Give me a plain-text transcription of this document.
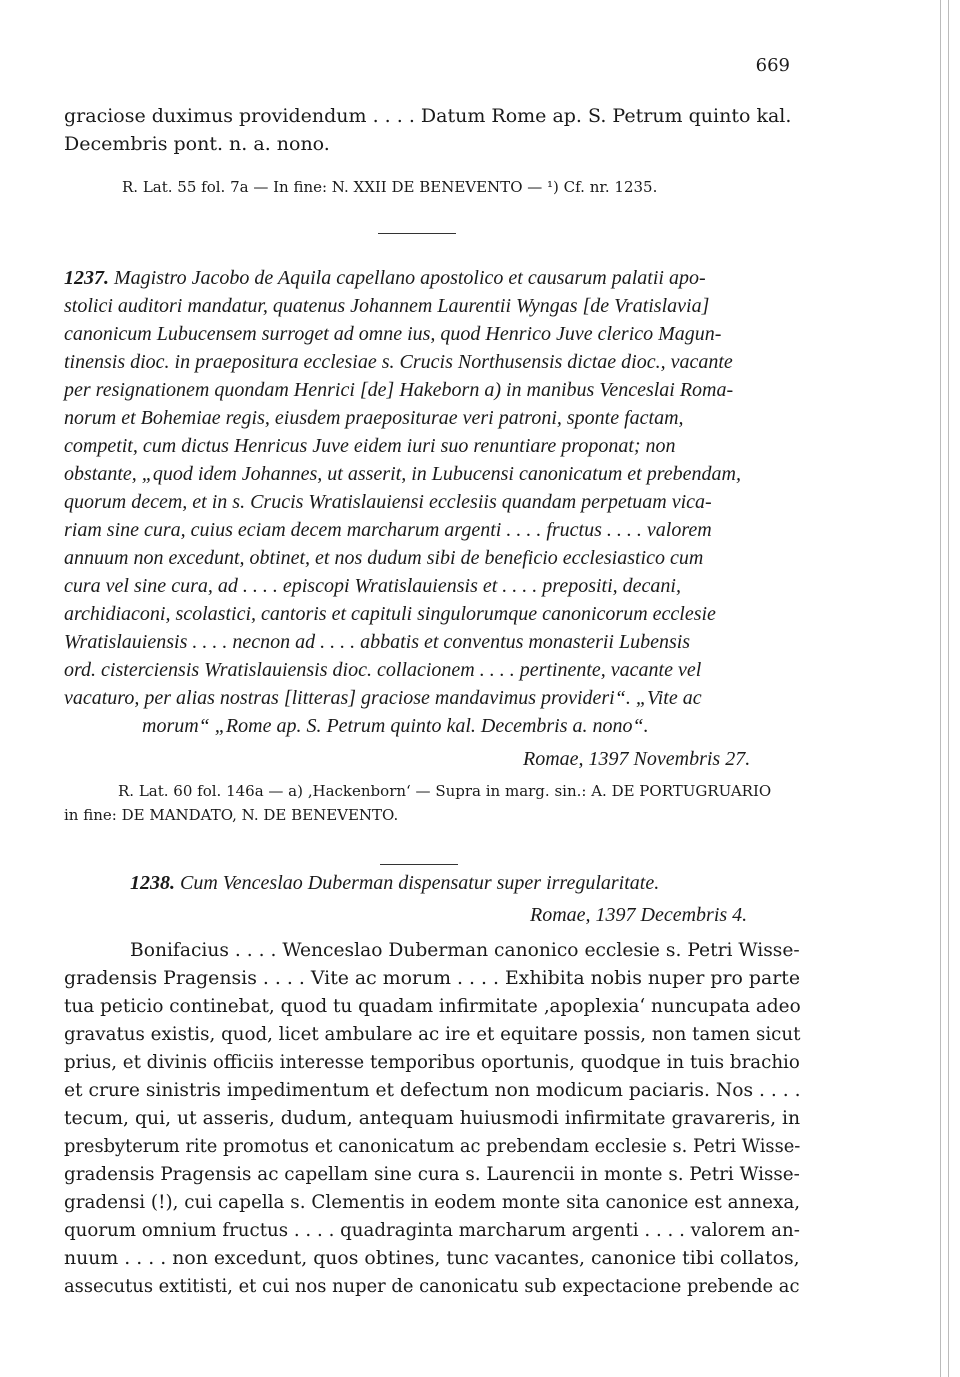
669
graciose duximus providendum . . . . Datum Rome ap. S. Petrum quinto kal.
Decembris pont. n. a. nono.
R. Lat. 55 fol. 7a — In fine: N. XXII DE BENEVENTO — ¹) Cf. nr. 1235.
1237. Magistro Jacobo de Aquila capellano apostolico et causarum palatii apo-
stolici auditori mandatur, quatenus Johannem Laurentii Wyngas [de Vratislavia]
canonicum Lubucensem surroget ad omne ius, quod Henrico Juve clerico Magun-
tinensis dioc. in praepositura ecclesiae s. Crucis Northusensis dictae dioc., vacante
per resignationem quondam Henrici [de] Hakeborn a) in manibus Venceslai Roma-
norum et Bohemiae regis, eiusdem praepositurae veri patroni, sponte factam,
competit, cum dictus Henricus Juve eidem iuri suo renuntiare proponat; non
obstante, „quod idem Johannes, ut asserit, in Lubucensi canonicatum et prebendam,
quorum decem, et in s. Crucis Wratislauiensi ecclesiis quandam perpetuam vica-
riam sine cura, cuius eciam decem marcharum argenti . . . . fructus . . . . valorem
annuum non excedunt, obtinet, et nos dudum sibi de beneficio ecclesiastico cum
cura vel sine cura, ad . . . . episcopi Wratislauiensis et . . . . prepositi, decani,
archidiaconi, scolastici, cantoris et capituli singulorumque canonicorum ecclesie
Wratislauiensis . . . . necnon ad . . . . abbatis et conventus monasterii Lubensis
ord. cisterciensis Wratislauiensis dioc. collacionem . . . . pertinente, vacante vel
vacaturo, per alias nostras [litteras] graciose mandavimus provideri“. „Vite ac
morum“ „Rome ap. S. Petrum quinto kal. Decembris a. nono“.
Romae, 1397 Novembris 27.
R. Lat. 60 fol. 146a — a) ‚Hackenborn‘ — Supra in marg. sin.: A. DE PORTUGRUARIO
in fine: DE MANDATO, N. DE BENEVENTO.
1238. Cum Venceslao Duberman dispensatur super irregularitate.
Romae, 1397 Decembris 4.
Bonifacius . . . . Wenceslao Duberman canonico ecclesie s. Petri Wisse-
gradensis Pragensis . . . . Vite ac morum . . . . Exhibita nobis nuper pro parte
tua peticio continebat, quod tu quadam infirmitate ‚apoplexia‘ nuncupata adeo
gravatus existis, quod, licet ambulare ac ire et equitare possis, non tamen sicut
prius, et divinis officiis interesse temporibus oportunis, quodque in tuis brachio
et crure sinistris impedimentum et defectum non modicum paciaris. Nos . . . .
tecum, qui, ut asseris, dudum, antequam huiusmodi infirmitate gravareris, in
presbyterum rite promotus et canonicatum ac prebendam ecclesie s. Petri Wisse-
gradensis Pragensis ac capellam sine cura s. Laurencii in monte s. Petri Wisse-
gradensi (!), cui capella s. Clementis in eodem monte sita canonice est annexa,
quorum omnium fructus . . . . quadraginta marcharum argenti . . . . valorem an-
nuum . . . . non excedunt, quos obtines, tunc vacantes, canonice tibi collatos,
assecutus extitisti, et cui nos nuper de canonicatu sub expectacione prebende ac
